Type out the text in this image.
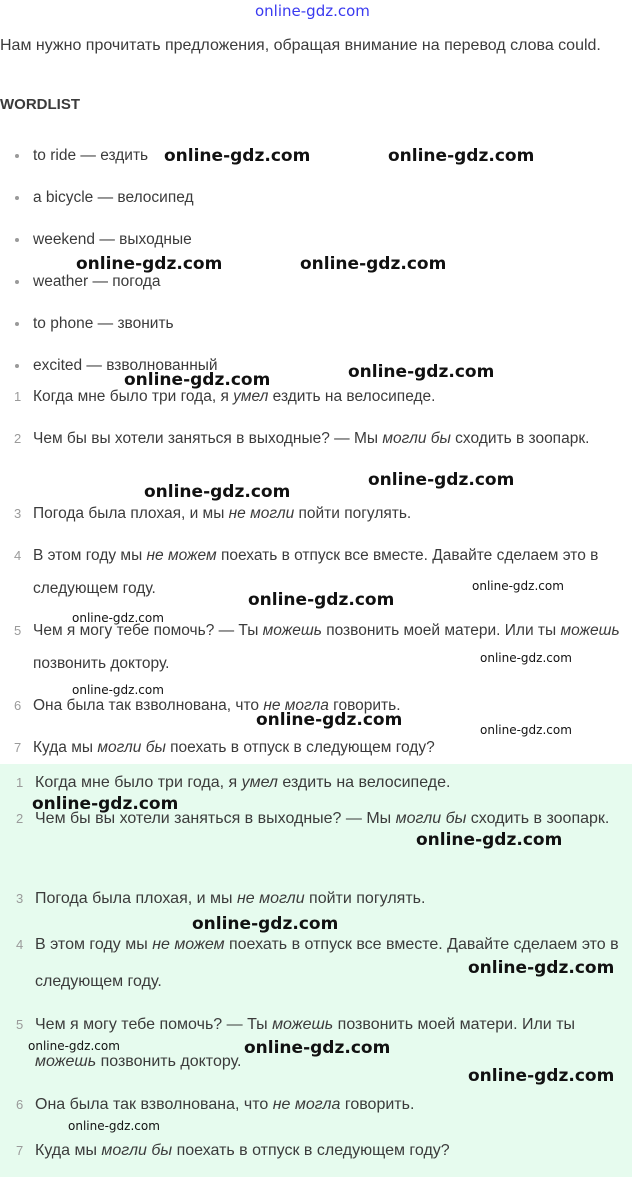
online-gdz.com
Нам нужно прочитать предложения, обращая внимание на перевод слова could.
WORDLIST
to ride — ездить
a bicycle — велосипед
weekend — выходные
weather — погода
to phone — звонить
excited — взволнованный
1 Когда мне было три года, я умел ездить на велосипеде.
2 Чем бы вы хотели заняться в выходные? — Мы могли бы сходить в зоопарк.
3 Погода была плохая, и мы не могли пойти погулять.
4 В этом году мы не можем поехать в отпуск все вместе. Давайте сделаем это в следующем году.
5 Чем я могу тебе помочь? — Ты можешь позвонить моей матери. Или ты можешь позвонить доктору.
6 Она была так взволнована, что не могла говорить.
7 Куда мы могли бы поехать в отпуск в следующем году?
1 Когда мне было три года, я умел ездить на велосипеде.
2 Чем бы вы хотели заняться в выходные? — Мы могли бы сходить в зоопарк.
3 Погода была плохая, и мы не могли пойти погулять.
4 В этом году мы не можем поехать в отпуск все вместе. Давайте сделаем это в следующем году.
5 Чем я могу тебе помочь? — Ты можешь позвонить моей матери. Или ты можешь позвонить доктору.
6 Она была так взволнована, что не могла говорить.
7 Куда мы могли бы поехать в отпуск в следующем году?
online-gdz.com	online-gdz.com
online-gdz.com	online-gdz.com
online-gdz.com	online-gdz.com
online-gdz.com
online-gdz.com
online-gdz.com
online-gdz.com
online-gdz.com
online-gdz.com
online-gdz.com
online-gdz.com	online-gdz.com
online-gdz.com
online-gdz.com
online-gdz.com
online-gdz.com
online-gdz.com	online-gdz.com
online-gdz.com
online-gdz.com
